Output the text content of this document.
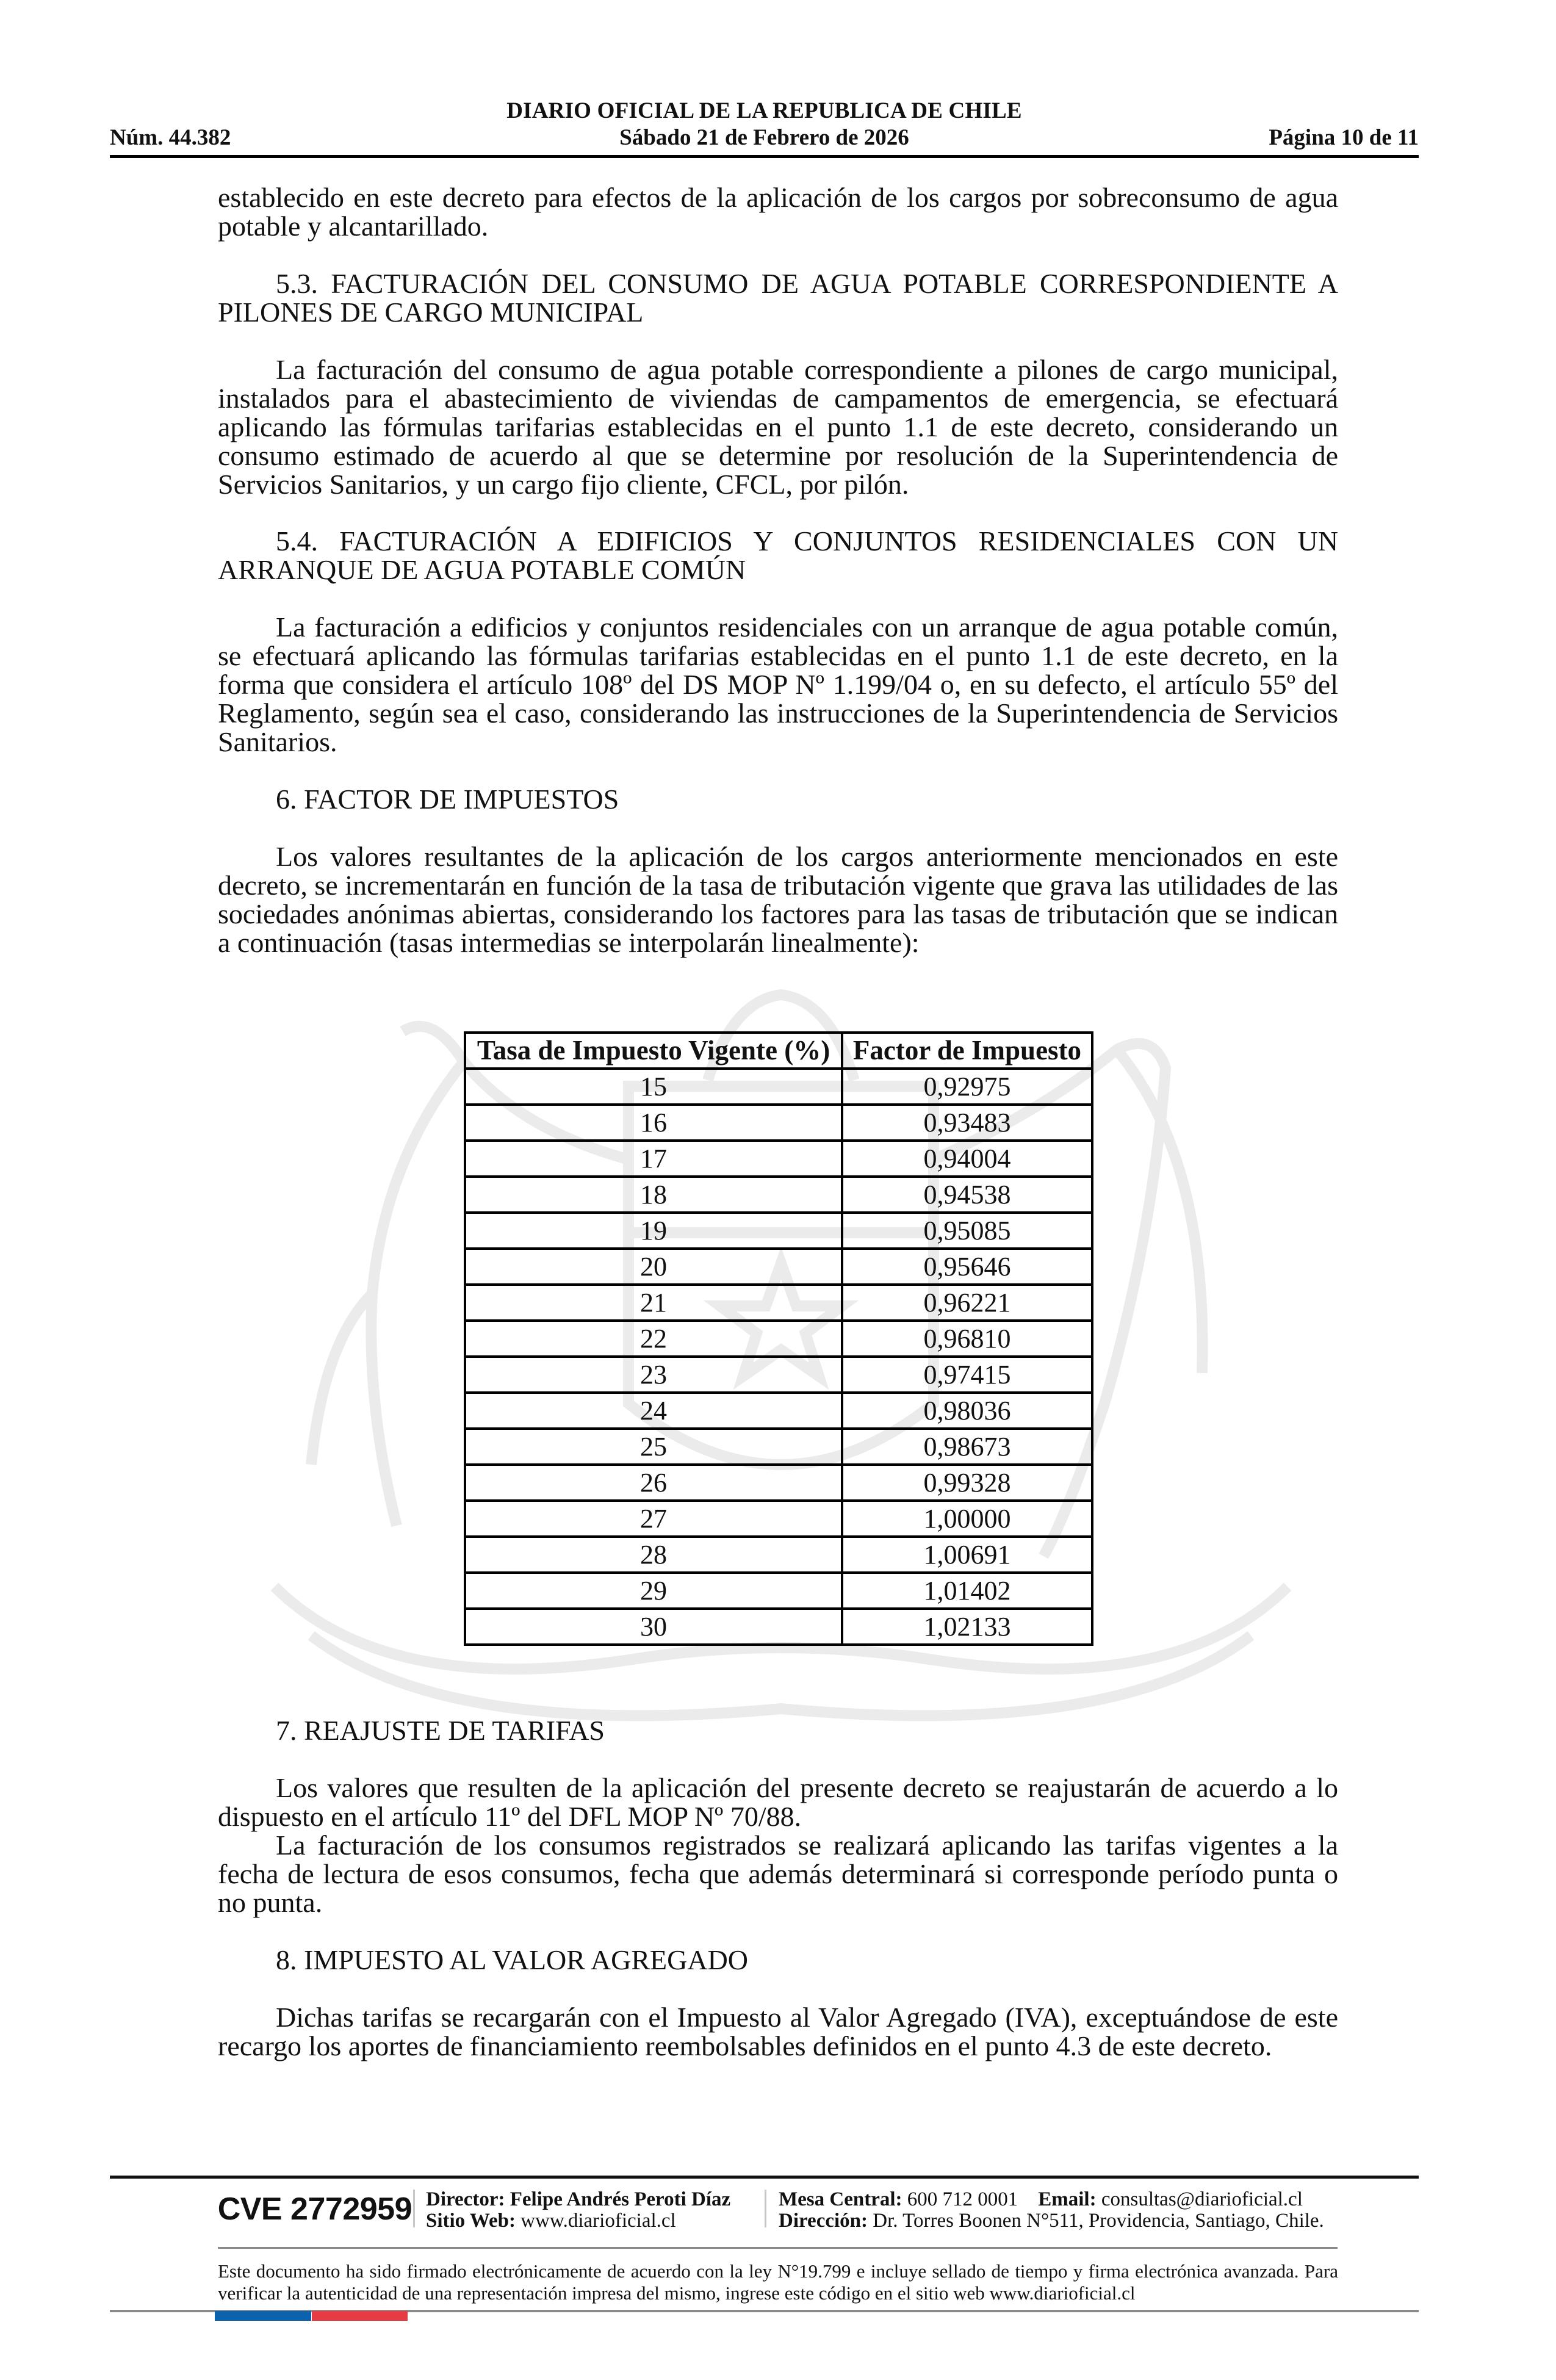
DIARIO OFICIAL DE LA REPUBLICA DE CHILE
Núm. 44.382	Sábado 21 de Febrero de 2026	Página 10 de 11

establecido en este decreto para efectos de la aplicación de los cargos por sobreconsumo de agua potable y alcantarillado.

5.3. FACTURACIÓN DEL CONSUMO DE AGUA POTABLE CORRESPONDIENTE A PILONES DE CARGO MUNICIPAL

La facturación del consumo de agua potable correspondiente a pilones de cargo municipal, instalados para el abastecimiento de viviendas de campamentos de emergencia, se efectuará aplicando las fórmulas tarifarias establecidas en el punto 1.1 de este decreto, considerando un consumo estimado de acuerdo al que se determine por resolución de la Superintendencia de Servicios Sanitarios, y un cargo fijo cliente, CFCL, por pilón.

5.4. FACTURACIÓN A EDIFICIOS Y CONJUNTOS RESIDENCIALES CON UN ARRANQUE DE AGUA POTABLE COMÚN

La facturación a edificios y conjuntos residenciales con un arranque de agua potable común, se efectuará aplicando las fórmulas tarifarias establecidas en el punto 1.1 de este decreto, en la forma que considera el artículo 108º del DS MOP Nº 1.199/04 o, en su defecto, el artículo 55º del Reglamento, según sea el caso, considerando las instrucciones de la Superintendencia de Servicios Sanitarios.

6. FACTOR DE IMPUESTOS

Los valores resultantes de la aplicación de los cargos anteriormente mencionados en este decreto, se incrementarán en función de la tasa de tributación vigente que grava las utilidades de las sociedades anónimas abiertas, considerando los factores para las tasas de tributación que se indican a continuación (tasas intermedias se interpolarán linealmente):

Tasa de Impuesto Vigente (%)	Factor de Impuesto
15	0,92975
16	0,93483
17	0,94004
18	0,94538
19	0,95085
20	0,95646
21	0,96221
22	0,96810
23	0,97415
24	0,98036
25	0,98673
26	0,99328
27	1,00000
28	1,00691
29	1,01402
30	1,02133

7. REAJUSTE DE TARIFAS

Los valores que resulten de la aplicación del presente decreto se reajustarán de acuerdo a lo dispuesto en el artículo 11º del DFL MOP Nº 70/88.

La facturación de los consumos registrados se realizará aplicando las tarifas vigentes a la fecha de lectura de esos consumos, fecha que además determinará si corresponde período punta o no punta.

8. IMPUESTO AL VALOR AGREGADO

Dichas tarifas se recargarán con el Impuesto al Valor Agregado (IVA), exceptuándose de este recargo los aportes de financiamiento reembolsables definidos en el punto 4.3 de este decreto.

CVE 2772959 Director: Felipe Andrés Peroti Díaz
Sitio Web: www.diarioficial.cl
Mesa Central: 600 712 0001 Email: consultas@diarioficial.cl
Dirección: Dr. Torres Boonen N°511, Providencia, Santiago, Chile.
Este documento ha sido firmado electrónicamente de acuerdo con la ley N°19.799 e incluye sellado de tiempo y firma electrónica avanzada. Para verificar la autenticidad de una representación impresa del mismo, ingrese este código en el sitio web www.diarioficial.cl
